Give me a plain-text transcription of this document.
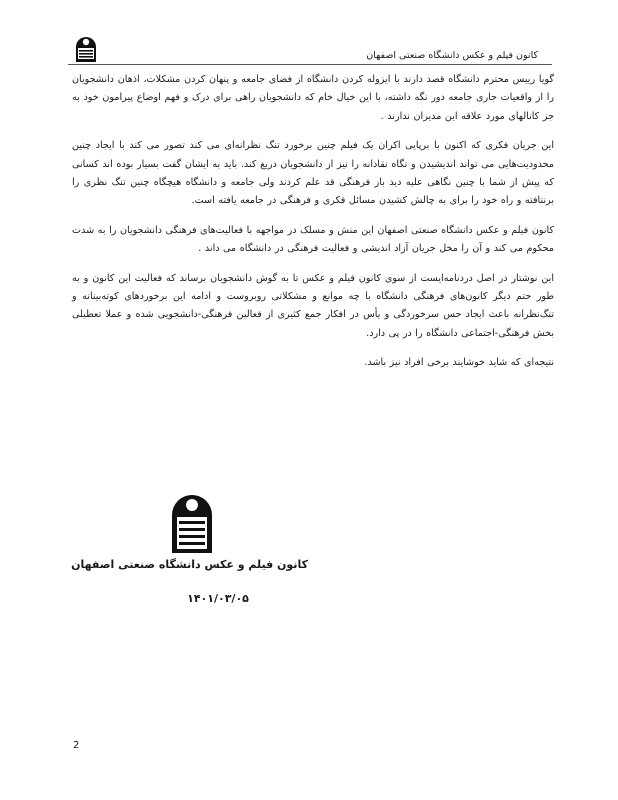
کانون فیلم و عکس دانشگاه صنعتی اصفهان

گویا رییس محترم دانشگاه قصد دارند با ایزوله کردن دانشگاه از فضای جامعه و پنهان کردن مشکلات، اذهان دانشجویان را از واقعیات جاری جامعه دور نگه داشته، با این خیال خام که دانشجویان راهی برای درک و فهم اوضاع پیرامون خود به جز کانالهای مورد علاقه این مدیران ندارند .

این جریان فکری که اکنون با برپایی اکران یک فیلم چنین برخورد تنگ نظرانه‌ای می کند تصور می کند با ایجاد چنین محدودیت‌هایی می تواند اندیشیدن و نگاه نقادانه را نیز از دانشجویان دریغ کند. باید به ایشان گفت بسیار بوده اند کسانی که پیش از شما با چنین نگاهی علیه دید باز فرهنگی قد علم کردند ولی جامعه و دانشگاه هیچگاه چنین تنگ نظری را برنتافته و راه خود را برای به چالش کشیدن مسائل فکری و فرهنگی در جامعه یافته است.

کانون فیلم و عکس دانشگاه صنعتی اصفهان این منش و مسلک در مواجهه با فعالیت‌های فرهنگی دانشجویان را به شدت محکوم می کند و آن را مخل جریان آزاد اندیشی و فعالیت فرهنگی در دانشگاه می داند .

این نوشتار در اصل دردنامه‌ایست از سوی کانون فیلم و عکس تا به گوش دانشجویان برساند که فعالیت این کانون و به طور حتم دیگر کانون‌های فرهنگی دانشگاه با چه موانع و مشکلاتی روبروست و ادامه این برخوردهای کوته‌بینانه و تنگ‌نظرانه باعث ایجاد حس سرخوردگی و یأس در افکار جمع کثیری از فعالین فرهنگی-دانشجویی شده و عملا تعطیلی بخش فرهنگی-اجتماعی دانشگاه را در پی دارد.

نتیجه‌ای که شاید خوشایند برخی افراد نیز باشد.

کانون فیلم و عکس دانشگاه صنعتی اصفهان
۱۴۰۱/۰۳/۰۵
2
